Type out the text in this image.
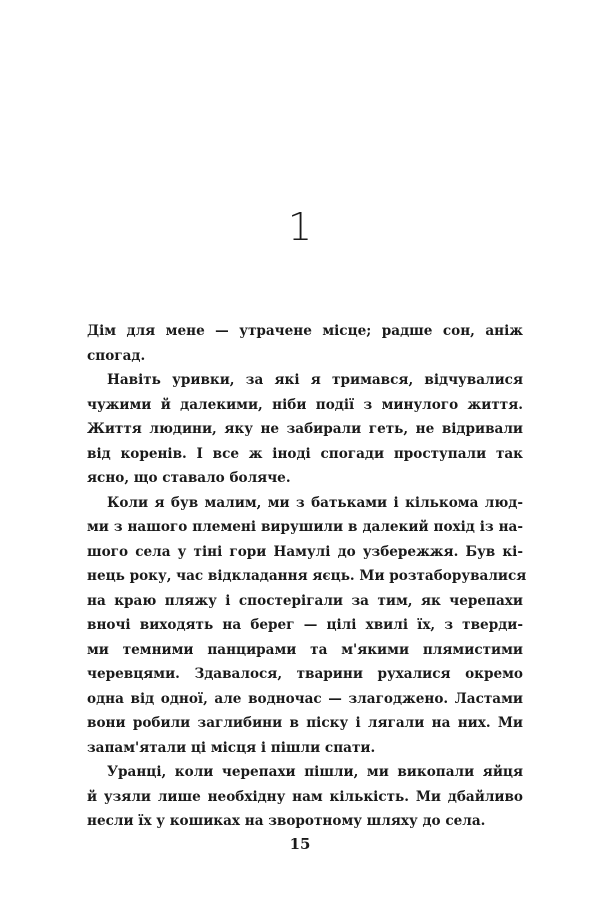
1
Дім для мене — утрачене місце; радше сон, аніж
спогад.
Навіть уривки, за які я тримався, відчувалися
чужими й далекими, ніби події з минулого життя.
Життя людини, яку не забирали геть, не відривали
від коренів. І все ж іноді спогади проступали так
ясно, що ставало боляче.
Коли я був малим, ми з батьками і кількома люд-
ми з нашого племені вирушили в далекий похід із на-
шого села у тіні гори Намулі до узбережжя. Був кі-
нець року, час відкладання яєць. Ми розтаборувалися
на краю пляжу і спостерігали за тим, як черепахи
вночі виходять на берег — цілі хвилі їх, з тверди-
ми темними панцирами та м'якими плямистими
черевцями. Здавалося, тварини рухалися окремо
одна від одної, але водночас — злагоджено. Ластами
вони робили заглибини в піску і лягали на них. Ми
запам'ятали ці місця і пішли спати.
Уранці, коли черепахи пішли, ми викопали яйця
й узяли лише необхідну нам кількість. Ми дбайливо
несли їх у кошиках на зворотному шляху до села.
15
